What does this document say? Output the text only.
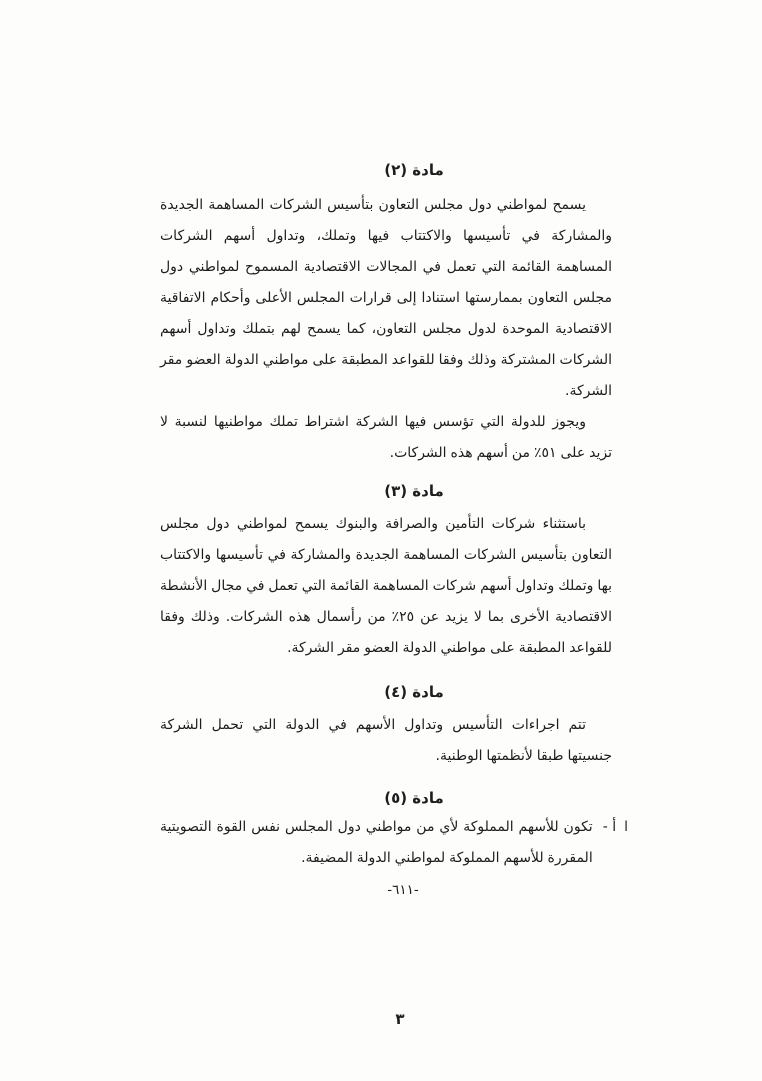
مادة (٢)

يسمح لمواطني دول مجلس التعاون بتأسيس الشركات المساهمة الجديدة والمشاركة في تأسيسها والاكتتاب فيها وتملك، وتداول أسهم الشركات المساهمة القائمة التي تعمل في المجالات الاقتصادية المسموح لمواطني دول مجلس التعاون بممارستها استنادا إلى قرارات المجلس الأعلى وأحكام الاتفاقية الاقتصادية الموحدة لدول مجلس التعاون، كما يسمح لهم بتملك وتداول أسهم الشركات المشتركة وذلك وفقا للقواعد المطبقة على مواطني الدولة العضو مقر الشركة.

ويجوز للدولة التي تؤسس فيها الشركة اشتراط تملك مواطنيها لنسبة لا تزيد على ٥١٪ من أسهم هذه الشركات.

مادة (٣)

باستثناء شركات التأمين والصرافة والبنوك يسمح لمواطني دول مجلس التعاون بتأسيس الشركات المساهمة الجديدة والمشاركة في تأسيسها والاكتتاب بها وتملك وتداول أسهم شركات المساهمة القائمة التي تعمل في مجال الأنشطة الاقتصادية الأخرى بما لا يزيد عن ٢٥٪ من رأسمال هذه الشركات. وذلك وفقا للقواعد المطبقة على مواطني الدولة العضو مقر الشركة.

مادة (٤)

تتم اجراءات التأسيس وتداول الأسهم في الدولة التي تحمل الشركة جنسيتها طبقا لأنظمتها الوطنية.

مادة (٥)
ا
أ -

تكون للأسهم المملوكة لأي من مواطني دول المجلس نفس القوة التصويتية المقررة للأسهم المملوكة لمواطني الدولة المضيفة.

-٦١١-
٣
